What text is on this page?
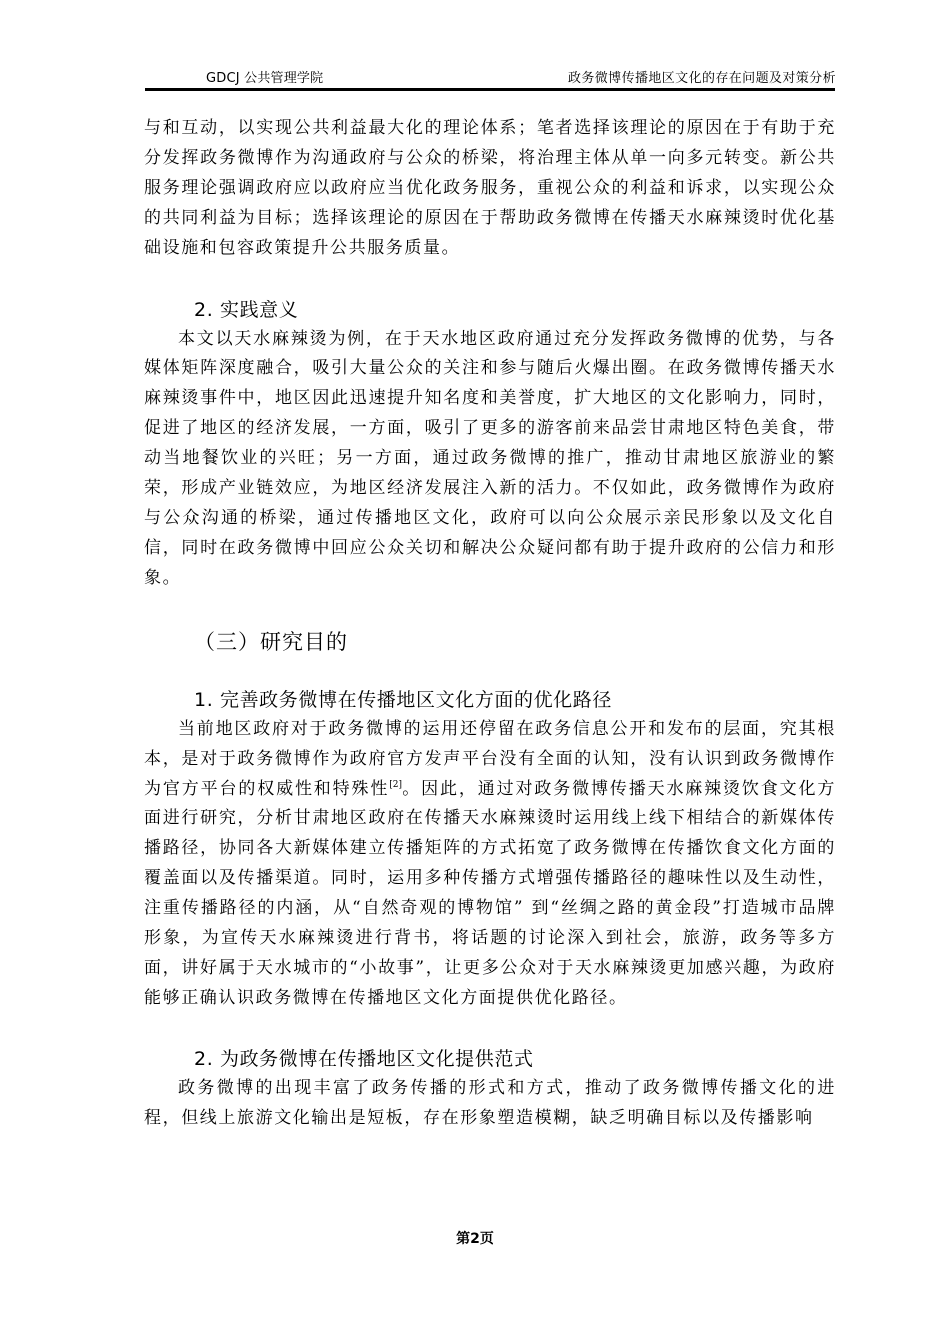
GDCJ 公共管理学院	政务微博传播地区文化的存在问题及对策分析

与和互动，以实现公共利益最大化的理论体系；笔者选择该理论的原因在于有助于充分发挥政务微博作为沟通政府与公众的桥梁，将治理主体从单一向多元转变。新公共服务理论强调政府应以政府应当优化政务服务，重视公众的利益和诉求，以实现公众的共同利益为目标；选择该理论的原因在于帮助政务微博在传播天水麻辣烫时优化基础设施和包容政策提升公共服务质量。

2. 实践意义

本文以天水麻辣烫为例，在于天水地区政府通过充分发挥政务微博的优势，与各媒体矩阵深度融合，吸引大量公众的关注和参与随后火爆出圈。在政务微博传播天水麻辣烫事件中，地区因此迅速提升知名度和美誉度，扩大地区的文化影响力，同时，促进了地区的经济发展，一方面，吸引了更多的游客前来品尝甘肃地区特色美食，带动当地餐饮业的兴旺；另一方面，通过政务微博的推广，推动甘肃地区旅游业的繁荣，形成产业链效应，为地区经济发展注入新的活力。不仅如此，政务微博作为政府与公众沟通的桥梁，通过传播地区文化，政府可以向公众展示亲民形象以及文化自信，同时在政务微博中回应公众关切和解决公众疑问都有助于提升政府的公信力和形象。

（三）研究目的

1. 完善政务微博在传播地区文化方面的优化路径

当前地区政府对于政务微博的运用还停留在政务信息公开和发布的层面，究其根本，是对于政务微博作为政府官方发声平台没有全面的认知，没有认识到政务微博作为官方平台的权威性和特殊性[2]。因此，通过对政务微博传播天水麻辣烫饮食文化方面进行研究，分析甘肃地区政府在传播天水麻辣烫时运用线上线下相结合的新媒体传播路径，协同各大新媒体建立传播矩阵的方式拓宽了政务微博在传播饮食文化方面的覆盖面以及传播渠道。同时，运用多种传播方式增强传播路径的趣味性以及生动性，注重传播路径的内涵，从“自然奇观的博物馆” 到“丝绸之路的黄金段”打造城市品牌形象，为宣传天水麻辣烫进行背书，将话题的讨论深入到社会，旅游，政务等多方面，讲好属于天水城市的“小故事”，让更多公众对于天水麻辣烫更加感兴趣，为政府能够正确认识政务微博在传播地区文化方面提供优化路径。

2. 为政务微博在传播地区文化提供范式

政务微博的出现丰富了政务传播的形式和方式，推动了政务微博传播文化的进程，但线上旅游文化输出是短板，存在形象塑造模糊，缺乏明确目标以及传播影响

第2页
